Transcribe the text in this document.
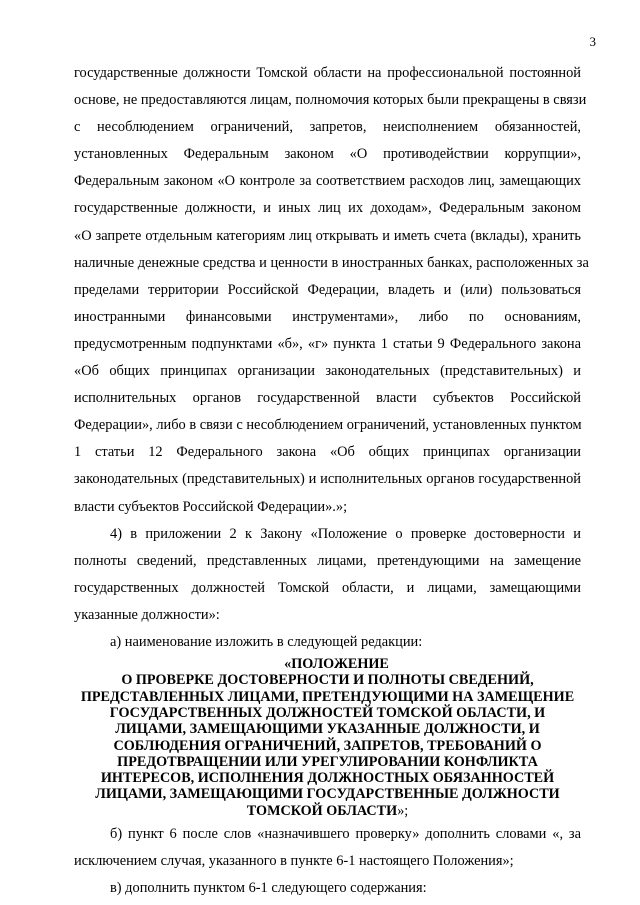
3
государственные должности Томской области на профессиональной постоянной
основе, не предоставляются лицам, полномочия которых были прекращены в связи
с несоблюдением ограничений, запретов, неисполнением обязанностей,
установленных Федеральным законом «О противодействии коррупции»,
Федеральным законом «О контроле за соответствием расходов лиц, замещающих
государственные должности, и иных лиц их доходам», Федеральным законом
«О запрете отдельным категориям лиц открывать и иметь счета (вклады), хранить
наличные денежные средства и ценности в иностранных банках, расположенных за
пределами территории Российской Федерации, владеть и (или) пользоваться
иностранными финансовыми инструментами», либо по основаниям,
предусмотренным подпунктами «б», «г» пункта 1 статьи 9 Федерального закона
«Об общих принципах организации законодательных (представительных) и
исполнительных органов государственной власти субъектов Российской
Федерации», либо в связи с несоблюдением ограничений, установленных пунктом
1 статьи 12 Федерального закона «Об общих принципах организации
законодательных (представительных) и исполнительных органов государственной
власти субъектов Российской Федерации».»;
4) в приложении 2 к Закону «Положение о проверке достоверности и
полноты сведений, представленных лицами, претендующими на замещение
государственных должностей Томской области, и лицами, замещающими
указанные должности»:
а) наименование изложить в следующей редакции:
«ПОЛОЖЕНИЕ
О ПРОВЕРКЕ ДОСТОВЕРНОСТИ И ПОЛНОТЫ СВЕДЕНИЙ,
ПРЕДСТАВЛЕННЫХ ЛИЦАМИ, ПРЕТЕНДУЮЩИМИ НА ЗАМЕЩЕНИЕ
ГОСУДАРСТВЕННЫХ ДОЛЖНОСТЕЙ ТОМСКОЙ ОБЛАСТИ, И
ЛИЦАМИ, ЗАМЕЩАЮЩИМИ УКАЗАННЫЕ ДОЛЖНОСТИ, И
СОБЛЮДЕНИЯ ОГРАНИЧЕНИЙ, ЗАПРЕТОВ, ТРЕБОВАНИЙ О
ПРЕДОТВРАЩЕНИИ ИЛИ УРЕГУЛИРОВАНИИ КОНФЛИКТА
ИНТЕРЕСОВ, ИСПОЛНЕНИЯ ДОЛЖНОСТНЫХ ОБЯЗАННОСТЕЙ
ЛИЦАМИ, ЗАМЕЩАЮЩИМИ ГОСУДАРСТВЕННЫЕ ДОЛЖНОСТИ
ТОМСКОЙ ОБЛАСТИ»;
б) пункт 6 после слов «назначившего проверку» дополнить словами «, за
исключением случая, указанного в пункте 6-1 настоящего Положения»;
в) дополнить пунктом 6-1 следующего содержания:
